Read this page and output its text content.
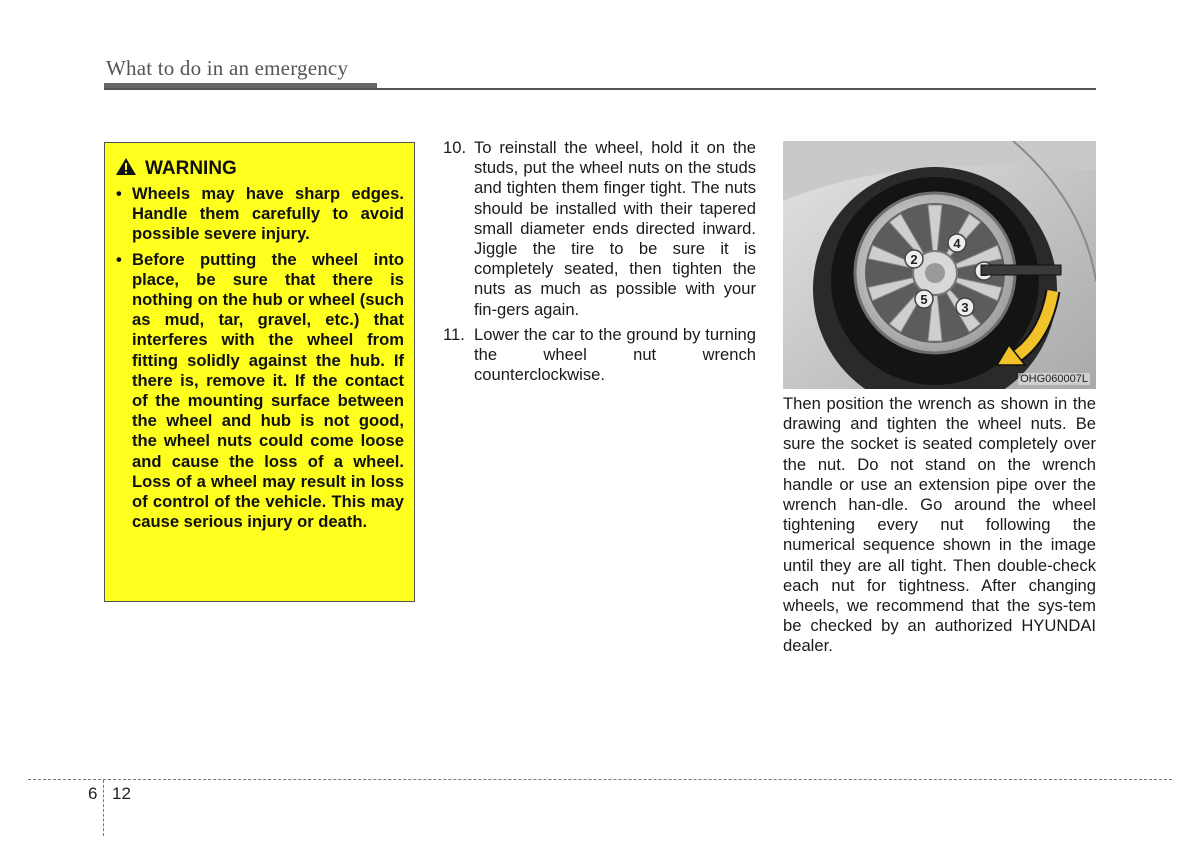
What to do in an emergency
WARNING
• Wheels may have sharp edges. Handle them carefully to avoid possible severe injury.
• Before putting the wheel into place, be sure that there is nothing on the hub or wheel (such as mud, tar, gravel, etc.) that interferes with the wheel from fitting solidly against the hub. If there is, remove it. If the contact of the mounting surface between the wheel and hub is not good, the wheel nuts could come loose and cause the loss of a wheel. Loss of a wheel may result in loss of control of the vehicle. This may cause serious injury or death.
10. To reinstall the wheel, hold it on the studs, put the wheel nuts on the studs and tighten them finger tight. The nuts should be installed with their tapered small diameter ends directed inward. Jiggle the tire to be sure it is completely seated, then tighten the nuts as much as possible with your fin-gers again.
11. Lower the car to the ground by turning the wheel nut wrench counterclockwise.
2
3
4
5
OHG060007L
Then position the wrench as shown in the drawing and tighten the wheel nuts. Be sure the socket is seated completely over the nut. Do not stand on the wrench handle or use an extension pipe over the wrench han-dle. Go around the wheel tightening every nut following the numerical sequence shown in the image until they are all tight. Then double-check each nut for tightness. After changing wheels, we recommend that the sys-tem be checked by an authorized HYUNDAI dealer.
6 12
